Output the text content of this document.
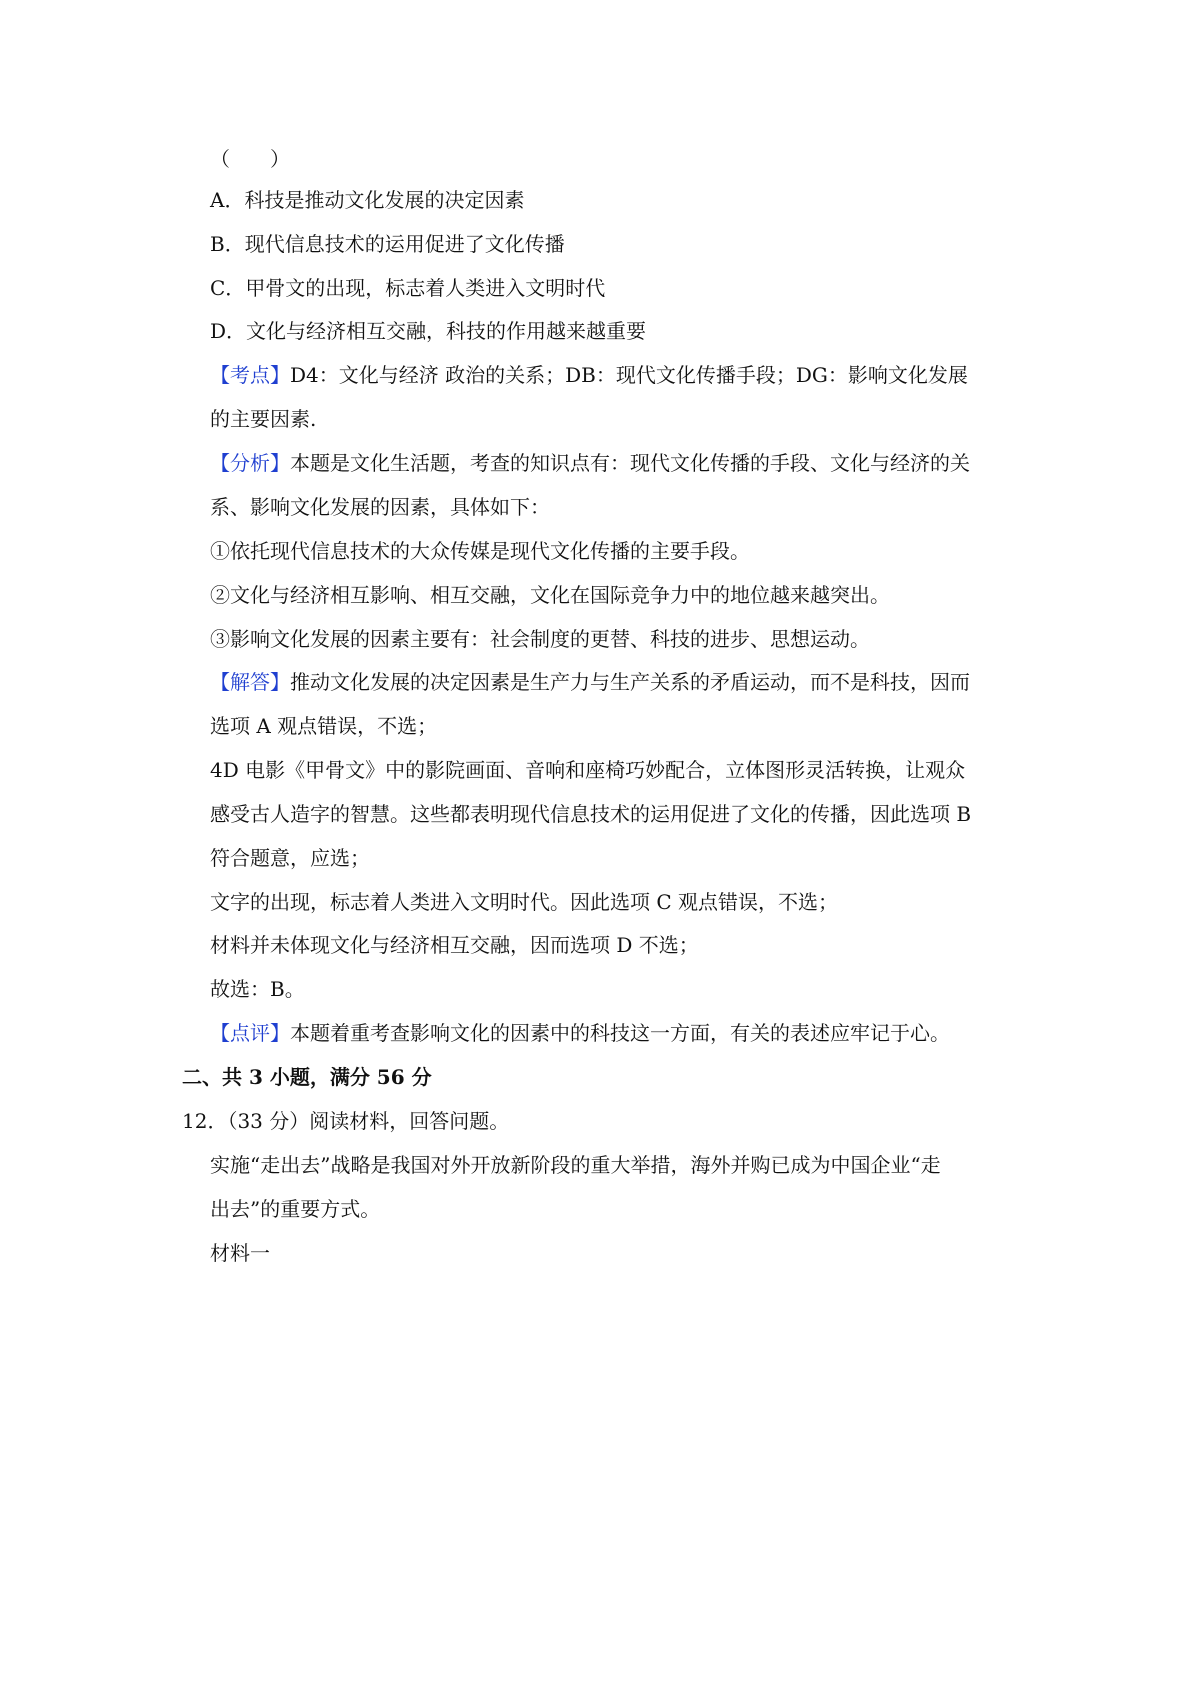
（　　）
A．科技是推动文化发展的决定因素
B．现代信息技术的运用促进了文化传播
C．甲骨文的出现，标志着人类进入文明时代
D．文化与经济相互交融，科技的作用越来越重要
【考点】D4：文化与经济 政治的关系；DB：现代文化传播手段；DG：影响文化发展
的主要因素.
【分析】本题是文化生活题，考查的知识点有：现代文化传播的手段、文化与经济的关
系、影响文化发展的因素，具体如下：
①依托现代信息技术的大众传媒是现代文化传播的主要手段。
②文化与经济相互影响、相互交融，文化在国际竞争力中的地位越来越突出。
③影响文化发展的因素主要有：社会制度的更替、科技的进步、思想运动。
【解答】推动文化发展的决定因素是生产力与生产关系的矛盾运动，而不是科技，因而
选项 A 观点错误，不选；
4D 电影《甲骨文》中的影院画面、音响和座椅巧妙配合，立体图形灵活转换，让观众
感受古人造字的智慧。这些都表明现代信息技术的运用促进了文化的传播，因此选项 B
符合题意，应选；
文字的出现，标志着人类进入文明时代。因此选项 C 观点错误，不选；
材料并未体现文化与经济相互交融，因而选项 D 不选；
故选：B。
【点评】本题着重考查影响文化的因素中的科技这一方面，有关的表述应牢记于心。
二、共 3 小题，满分 56 分
12．（33 分）阅读材料，回答问题。
实施“走出去”战略是我国对外开放新阶段的重大举措，海外并购已成为中国企业“走
出去”的重要方式。
材料一
